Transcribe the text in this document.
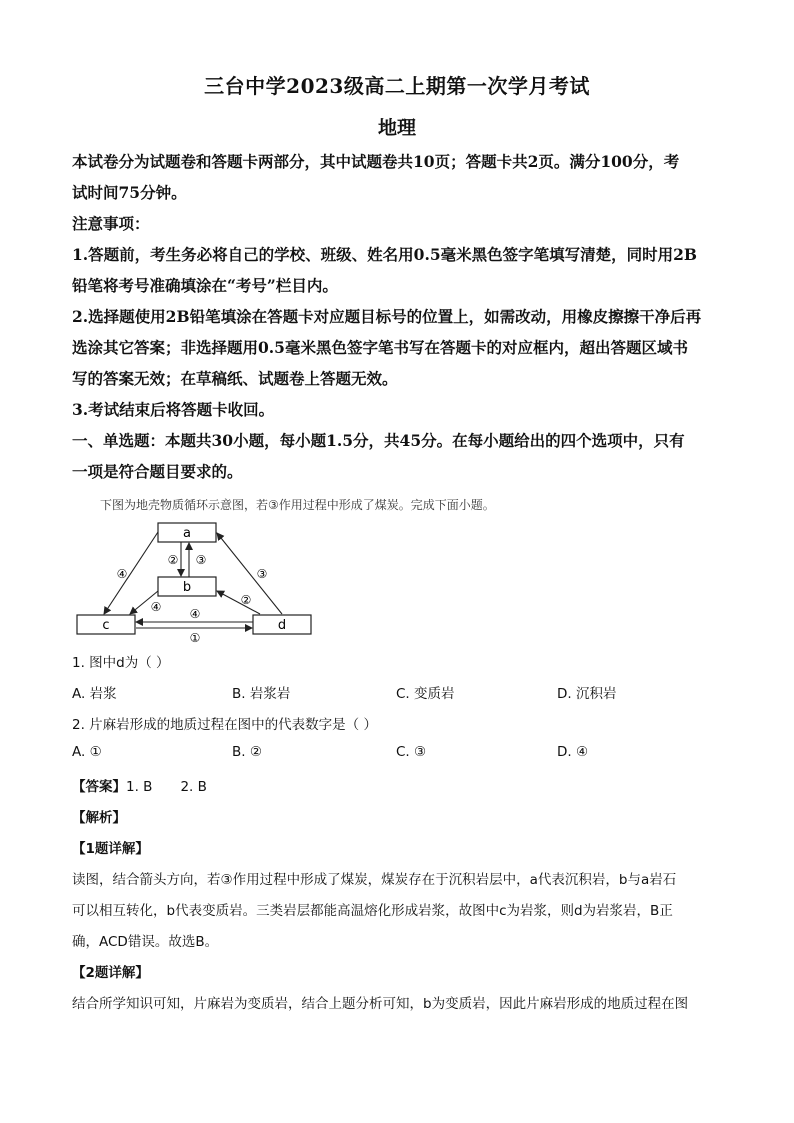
三台中学2023级高二上期第一次学月考试
地理
本试卷分为试题卷和答题卡两部分，其中试题卷共10页；答题卡共2页。满分100分，考
试时间75分钟。
注意事项：
1.答题前，考生务必将自己的学校、班级、姓名用0.5毫米黑色签字笔填写清楚，同时用2B
铅笔将考号准确填涂在“考号”栏目内。
2.选择题使用2B铅笔填涂在答题卡对应题目标号的位置上，如需改动，用橡皮擦擦干净后再
选涂其它答案；非选择题用0.5毫米黑色签字笔书写在答题卡的对应框内，超出答题区域书
写的答案无效；在草稿纸、试题卷上答题无效。
3.考试结束后将答题卡收回。
一、单选题：本题共30小题，每小题1.5分，共45分。在每小题给出的四个选项中，只有
一项是符合题目要求的。
下图为地壳物质循环示意图，若③作用过程中形成了煤炭。完成下面小题。
a
b
c	d
② ③
④	③
②
④ ④
①
1. 图中d为（ ）
A. 岩浆	B. 岩浆岩	C. 变质岩	D. 沉积岩
2. 片麻岩形成的地质过程在图中的代表数字是（ ）
A. ①	B. ②	C. ③	D. ④
【答案】1. B 2. B
【解析】
【1题详解】
读图，结合箭头方向，若③作用过程中形成了煤炭，煤炭存在于沉积岩层中，a代表沉积岩，b与a岩石
可以相互转化，b代表变质岩。三类岩层都能高温熔化形成岩浆，故图中c为岩浆，则d为岩浆岩，B正
确，ACD错误。故选B。
【2题详解】
结合所学知识可知，片麻岩为变质岩，结合上题分析可知，b为变质岩，因此片麻岩形成的地质过程在图
